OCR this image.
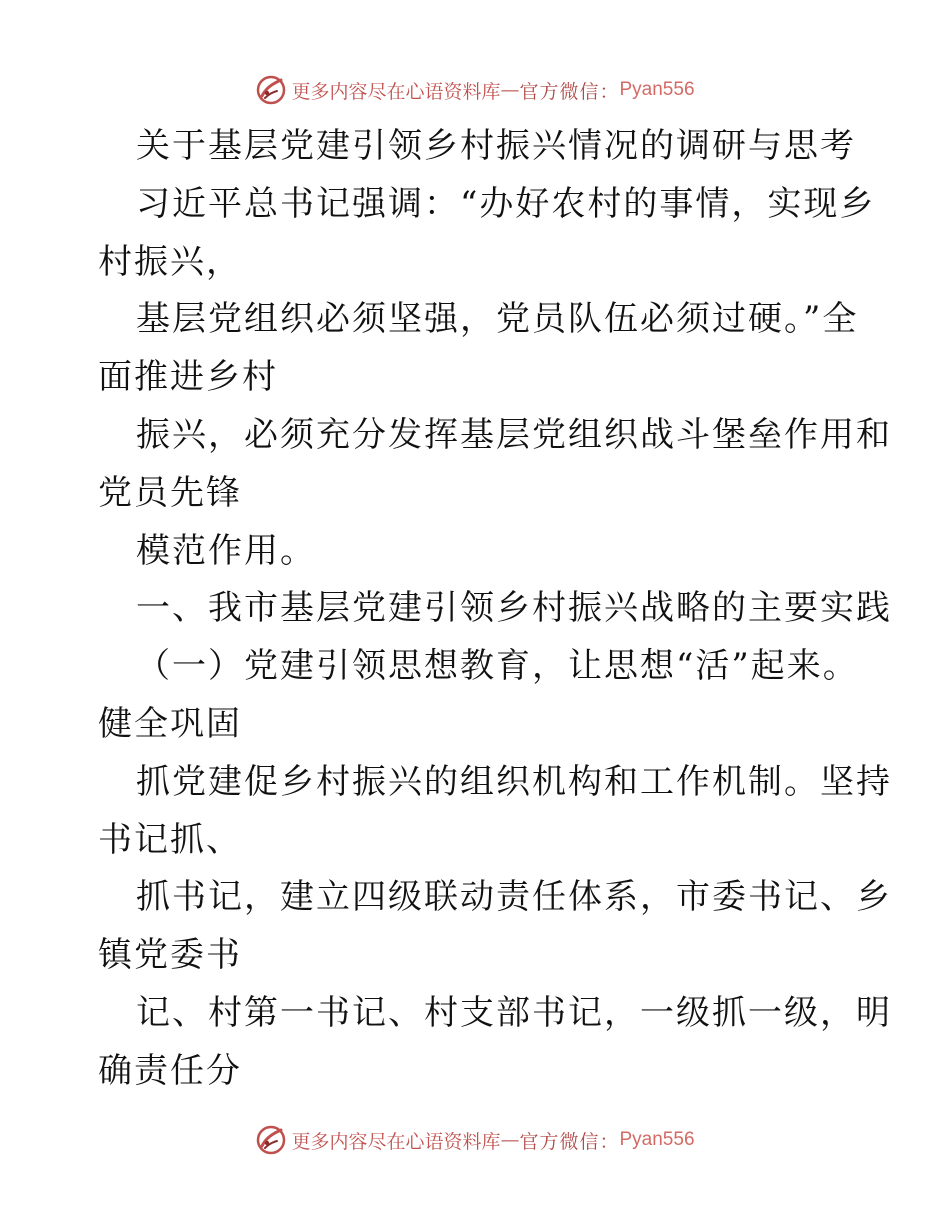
更多内容尽在心语资料库 — 官方微信： Pyan556
关于基层党建引领乡村振兴情况的调研与思考
习近平总书记强调：“办好农村的事情，实现乡
村振兴，
基层党组织必须坚强，党员队伍必须过硬。”全
面推进乡村
振兴，必须充分发挥基层党组织战斗堡垒作用和
党员先锋
模范作用。
一、我市基层党建引领乡村振兴战略的主要实践
（一）党建引领思想教育，让思想“活”起来。
健全巩固
抓党建促乡村振兴的组织机构和工作机制。坚持
书记抓、
抓书记，建立四级联动责任体系，市委书记、乡
镇党委书
记、村第一书记、村支部书记，一级抓一级，明
确责任分
更多内容尽在心语资料库 — 官方微信： Pyan556
